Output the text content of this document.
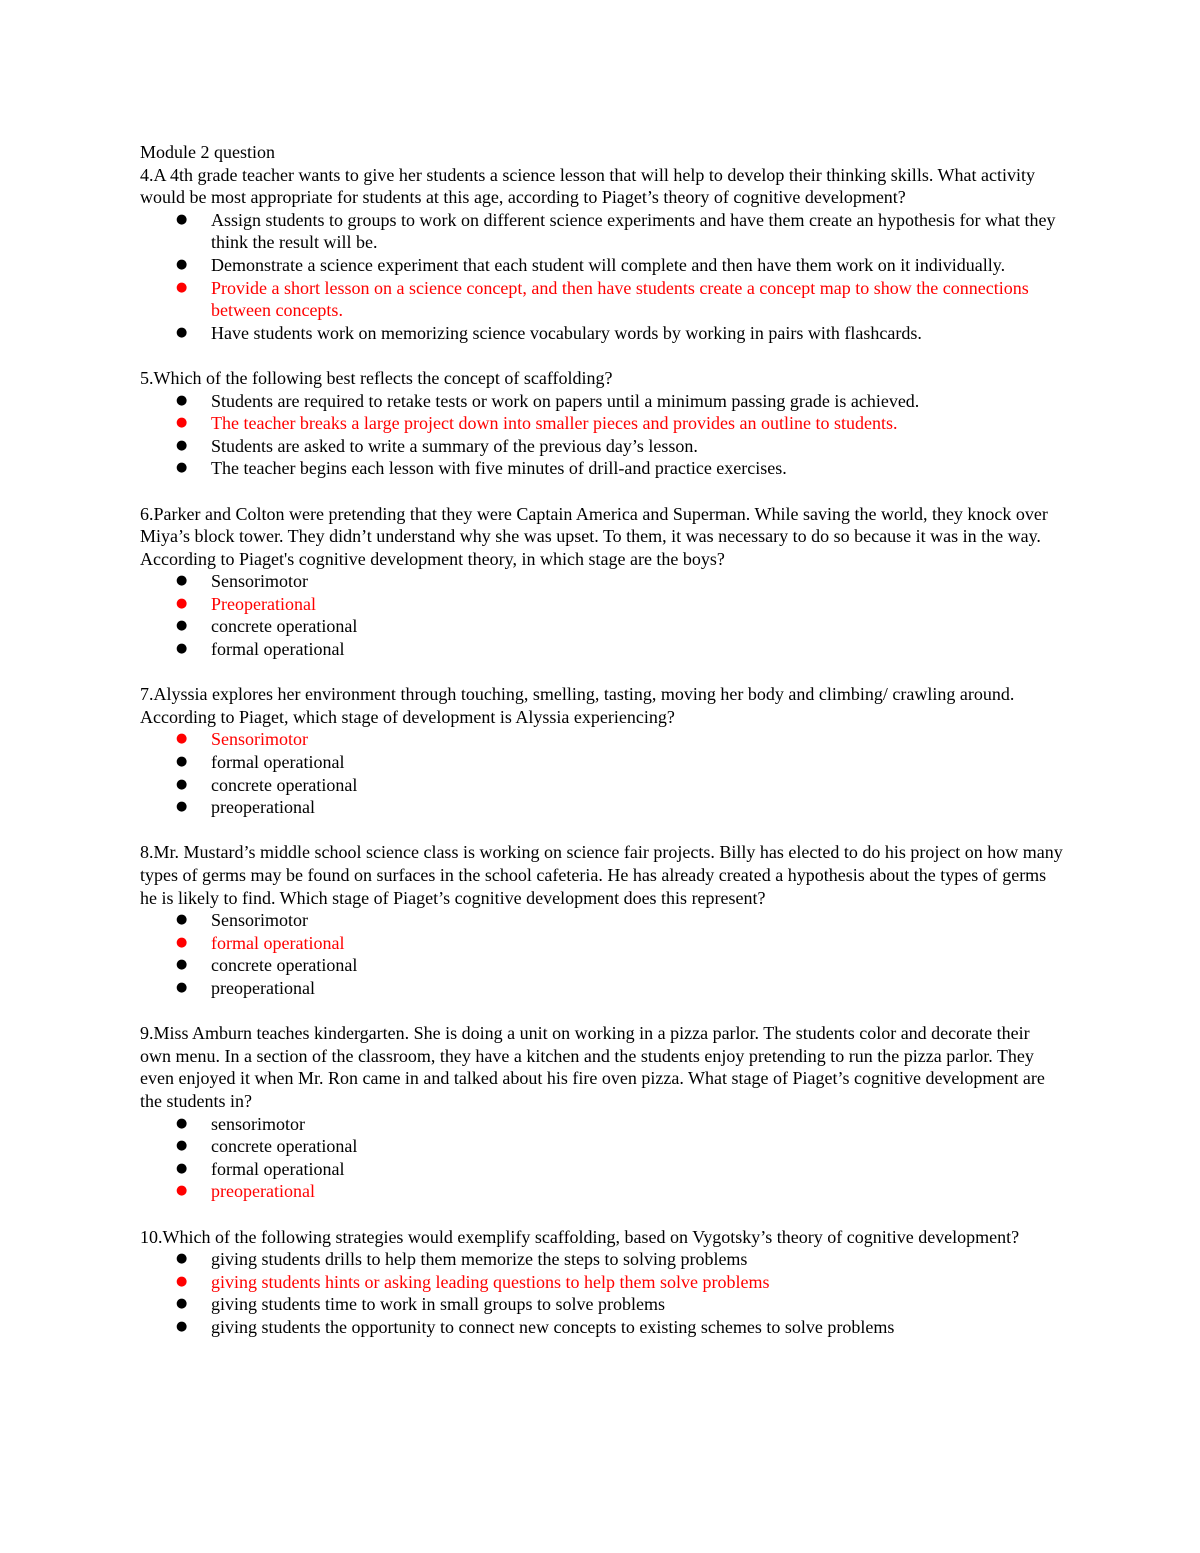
Module 2 question

4.A 4th grade teacher wants to give her students a science lesson that will help to develop their thinking skills. What activity would be most appropriate for students at this age, according to Piaget’s theory of cognitive development?

● Assign students to groups to work on different science experiments and have them create an hypothesis for what they think the result will be.
● Demonstrate a science experiment that each student will complete and then have them work on it individually.
● Provide a short lesson on a science concept, and then have students create a concept map to show the connections between concepts.
● Have students work on memorizing science vocabulary words by working in pairs with flashcards.

5.Which of the following best reflects the concept of scaffolding?

● Students are required to retake tests or work on papers until a minimum passing grade is achieved.
● The teacher breaks a large project down into smaller pieces and provides an outline to students.
● Students are asked to write a summary of the previous day’s lesson.
● The teacher begins each lesson with five minutes of drill-and practice exercises.

6.Parker and Colton were pretending that they were Captain America and Superman. While saving the world, they knock over Miya’s block tower. They didn’t understand why she was upset. To them, it was necessary to do so because it was in the way. According to Piaget's cognitive development theory, in which stage are the boys?

● Sensorimotor
● Preoperational
● concrete operational
● formal operational

7.Alyssia explores her environment through touching, smelling, tasting, moving her body and climbing/ crawling around. According to Piaget, which stage of development is Alyssia experiencing?

● Sensorimotor
● formal operational
● concrete operational
● preoperational

8.Mr. Mustard’s middle school science class is working on science fair projects. Billy has elected to do his project on how many types of germs may be found on surfaces in the school cafeteria. He has already created a hypothesis about the types of germs he is likely to find. Which stage of Piaget’s cognitive development does this represent?

● Sensorimotor
● formal operational
● concrete operational
● preoperational

9.Miss Amburn teaches kindergarten. She is doing a unit on working in a pizza parlor. The students color and decorate their own menu. In a section of the classroom, they have a kitchen and the students enjoy pretending to run the pizza parlor. They even enjoyed it when Mr. Ron came in and talked about his fire oven pizza. What stage of Piaget’s cognitive development are the students in?

● sensorimotor
● concrete operational
● formal operational
● preoperational

10.Which of the following strategies would exemplify scaffolding, based on Vygotsky’s theory of cognitive development?

● giving students drills to help them memorize the steps to solving problems
● giving students hints or asking leading questions to help them solve problems
● giving students time to work in small groups to solve problems
● giving students the opportunity to connect new concepts to existing schemes to solve problems
